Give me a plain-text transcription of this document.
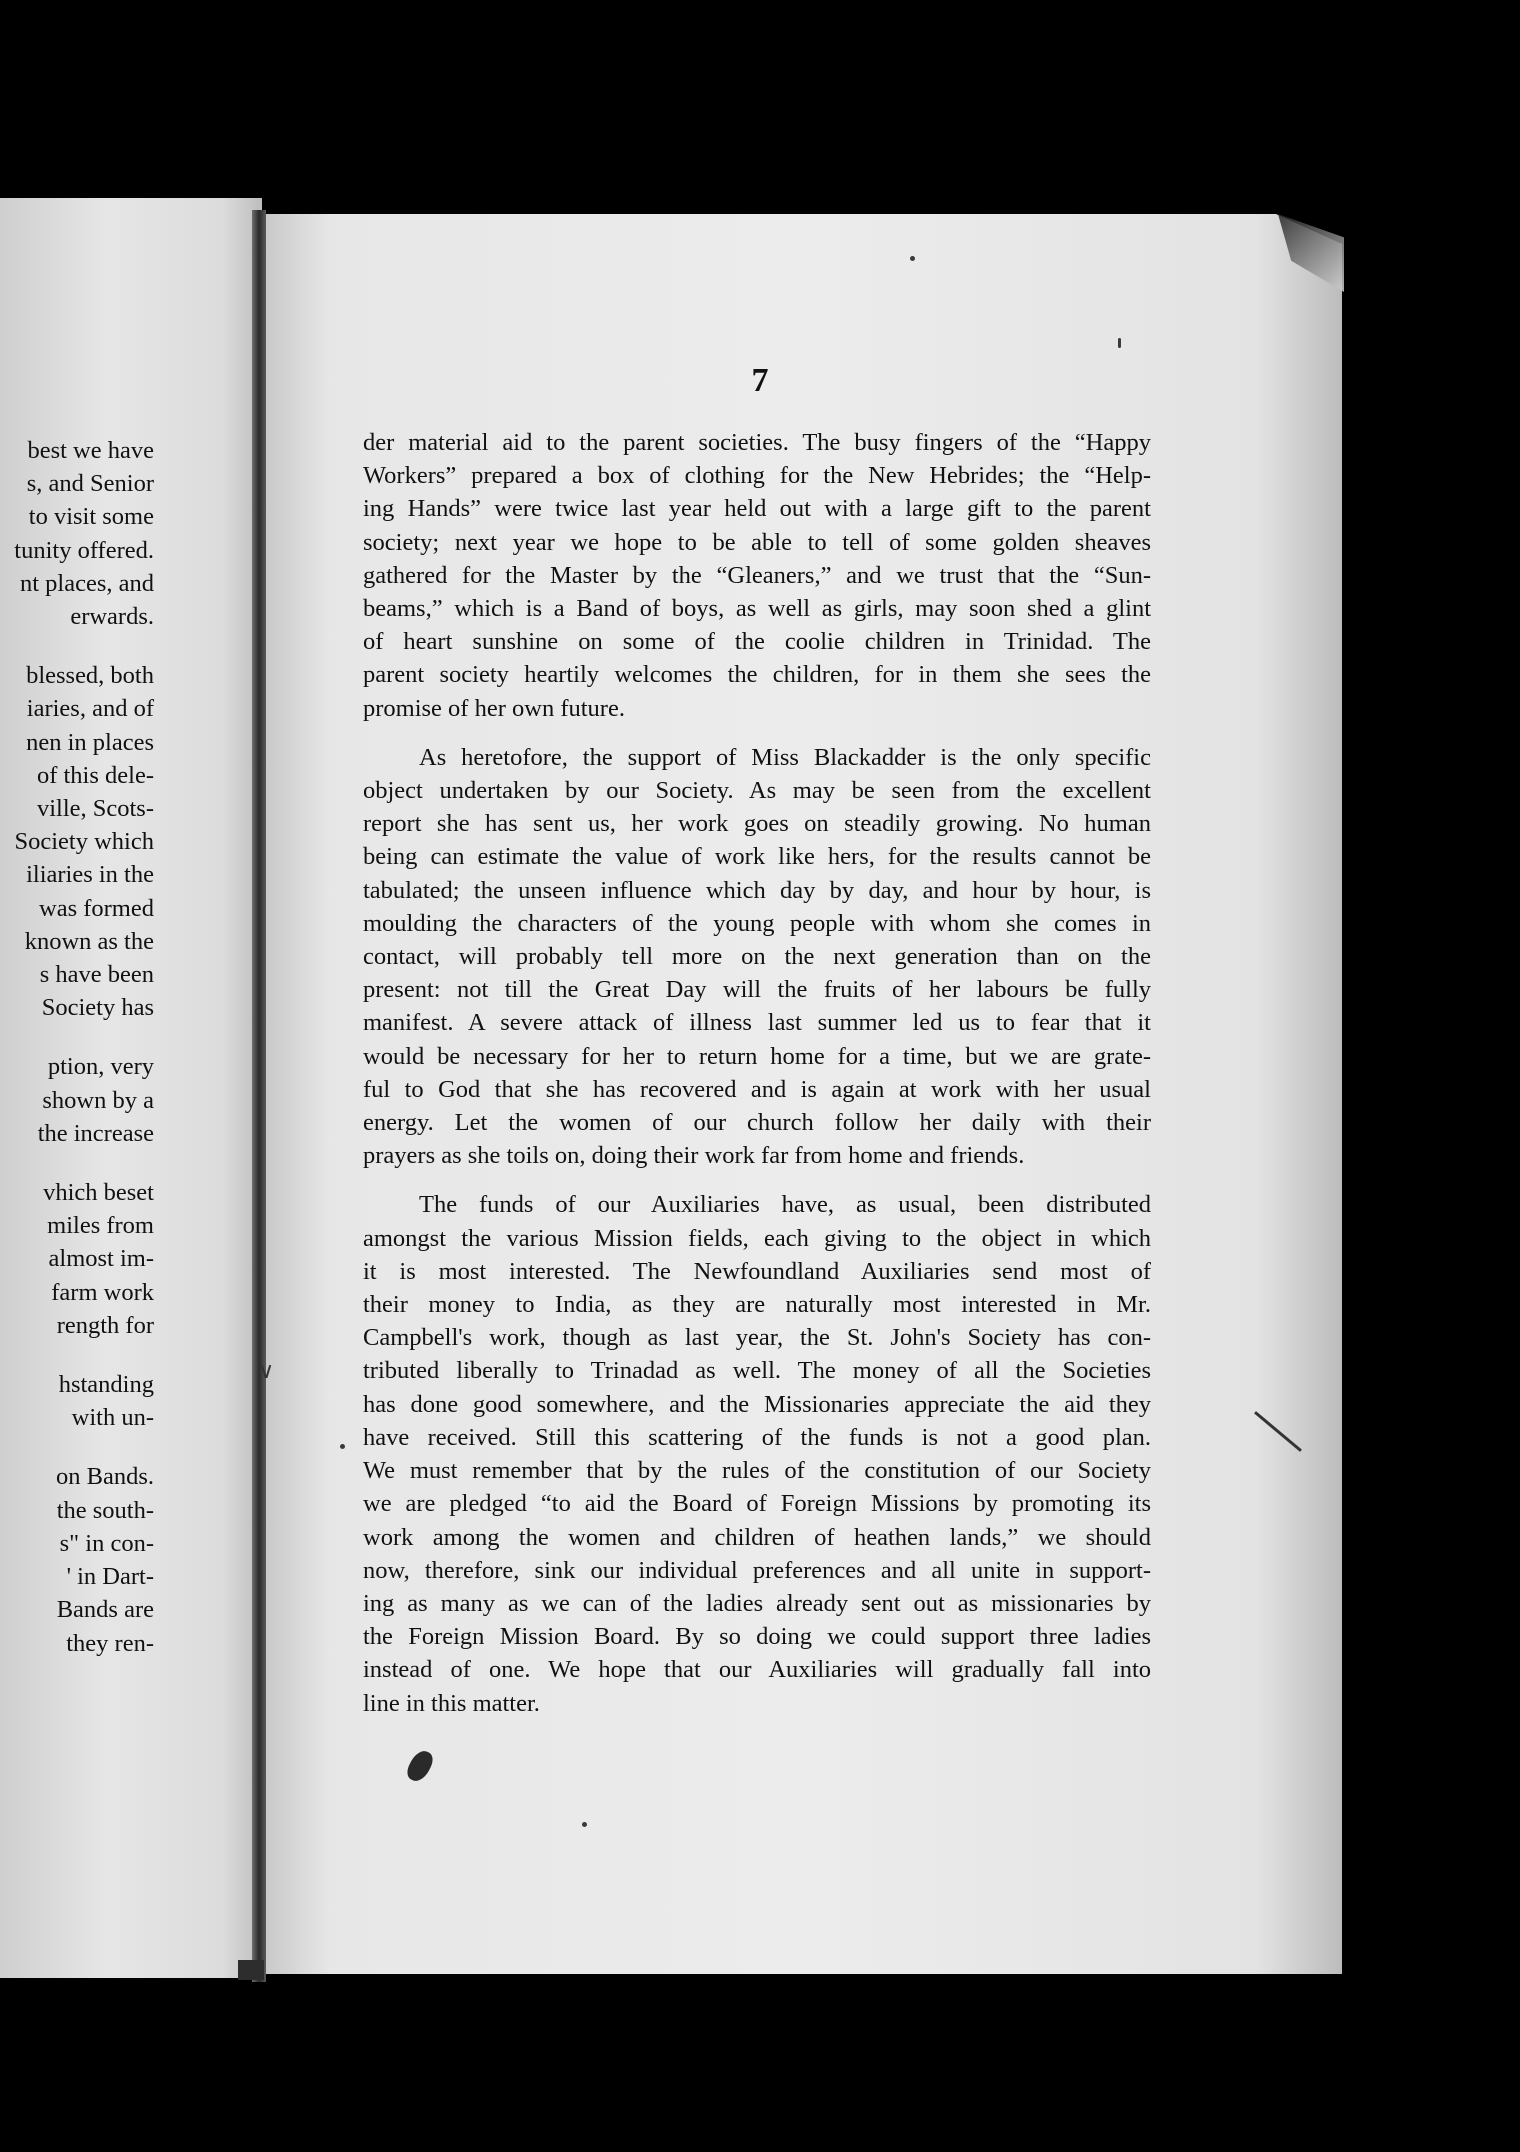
best we have
s, and Senior
to visit some
tunity offered.
nt places, and
erwards.
blessed, both
iaries, and of
nen in places
of this dele-
ville, Scots-
Society which
iliaries in the
was formed
known as the
s have been
Society has
ption, very
shown by a
the increase
vhich beset
miles from
almost im-
farm work
rength for
hstanding
with un-
on Bands.
the south-
s" in con-
' in Dart-
Bands are
they ren-
7

der material aid to the parent societies. The busy fingers of the “Happy
Workers” prepared a box of clothing for the New Hebrides; the “Help-
ing Hands” were twice last year held out with a large gift to the parent
society; next year we hope to be able to tell of some golden sheaves
gathered for the Master by the “Gleaners,” and we trust that the “Sun-
beams,” which is a Band of boys, as well as girls, may soon shed a glint
of heart sunshine on some of the coolie children in Trinidad. The
parent society heartily welcomes the children, for in them she sees the
promise of her own future.

As heretofore, the support of Miss Blackadder is the only specific
object undertaken by our Society. As may be seen from the excellent
report she has sent us, her work goes on steadily growing. No human
being can estimate the value of work like hers, for the results cannot be
tabulated; the unseen influence which day by day, and hour by hour, is
moulding the characters of the young people with whom she comes in
contact, will probably tell more on the next generation than on the
present: not till the Great Day will the fruits of her labours be fully
manifest. A severe attack of illness last summer led us to fear that it
would be necessary for her to return home for a time, but we are grate-
ful to God that she has recovered and is again at work with her usual
energy. Let the women of our church follow her daily with their
prayers as she toils on, doing their work far from home and friends.

The funds of our Auxiliaries have, as usual, been distributed
amongst the various Mission fields, each giving to the object in which
it is most interested. The Newfoundland Auxiliaries send most of
their money to India, as they are naturally most interested in Mr.
Campbell's work, though as last year, the St. John's Society has con-
tributed liberally to Trinadad as well. The money of all the Societies
has done good somewhere, and the Missionaries appreciate the aid they
have received. Still this scattering of the funds is not a good plan.
We must remember that by the rules of the constitution of our Society
we are pledged “to aid the Board of Foreign Missions by promoting its
work among the women and children of heathen lands,” we should
now, therefore, sink our individual preferences and all unite in support-
ing as many as we can of the ladies already sent out as missionaries by
the Foreign Mission Board. By so doing we could support three ladies
instead of one. We hope that our Auxiliaries will gradually fall into
line in this matter.

∨
